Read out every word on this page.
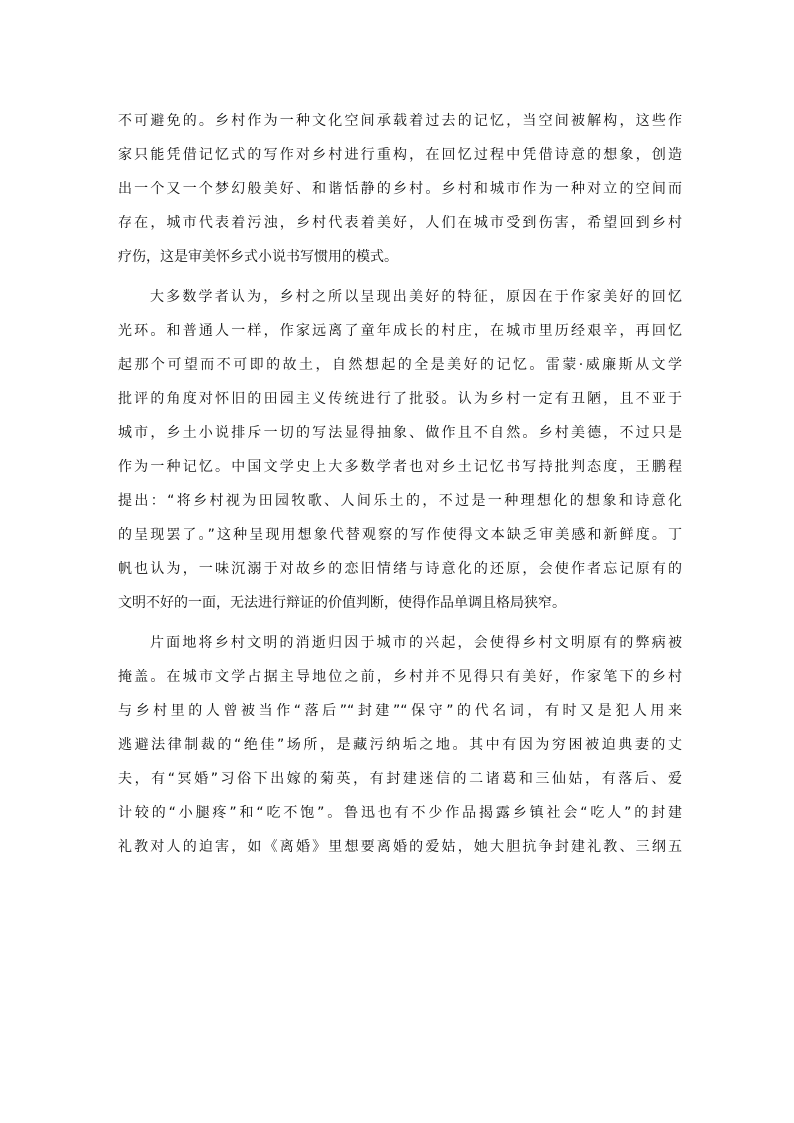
不可避免的。乡村作为一种文化空间承载着过去的记忆，当空间被解构，这些作
家只能凭借记忆式的写作对乡村进行重构，在回忆过程中凭借诗意的想象，创造
出一个又一个梦幻般美好、和谐恬静的乡村。乡村和城市作为一种对立的空间而
存在，城市代表着污浊，乡村代表着美好，人们在城市受到伤害，希望回到乡村
疗伤，这是审美怀乡式小说书写惯用的模式。
大多数学者认为，乡村之所以呈现出美好的特征，原因在于作家美好的回忆
光环。和普通人一样，作家远离了童年成长的村庄，在城市里历经艰辛，再回忆
起那个可望而不可即的故土，自然想起的全是美好的记忆。雷蒙·威廉斯从文学
批评的角度对怀旧的田园主义传统进行了批驳。认为乡村一定有丑陋，且不亚于
城市，乡土小说排斥一切的写法显得抽象、做作且不自然。乡村美德，不过只是
作为一种记忆。中国文学史上大多数学者也对乡土记忆书写持批判态度，王鹏程
提出：“将乡村视为田园牧歌、人间乐土的，不过是一种理想化的想象和诗意化
的呈现罢了。”这种呈现用想象代替观察的写作使得文本缺乏审美感和新鲜度。丁
帆也认为，一味沉溺于对故乡的恋旧情绪与诗意化的还原，会使作者忘记原有的
文明不好的一面，无法进行辩证的价值判断，使得作品单调且格局狭窄。
片面地将乡村文明的消逝归因于城市的兴起，会使得乡村文明原有的弊病被
掩盖。在城市文学占据主导地位之前，乡村并不见得只有美好，作家笔下的乡村
与乡村里的人曾被当作“落后”“封建”“保守”的代名词，有时又是犯人用来
逃避法律制裁的“绝佳”场所，是藏污纳垢之地。其中有因为穷困被迫典妻的丈
夫，有“冥婚”习俗下出嫁的菊英，有封建迷信的二诸葛和三仙姑，有落后、爱
计较的“小腿疼”和“吃不饱”。鲁迅也有不少作品揭露乡镇社会“吃人”的封建
礼教对人的迫害，如《离婚》里想要离婚的爱姑，她大胆抗争封建礼教、三纲五
